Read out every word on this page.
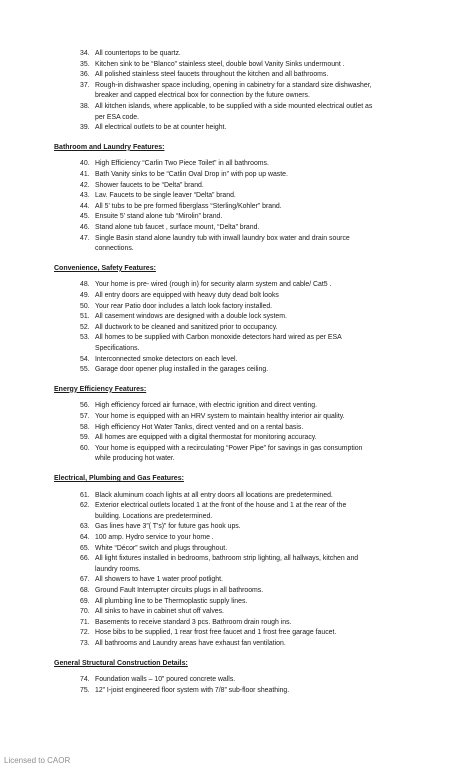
34. All countertops to be quartz.
35. Kitchen sink to be “Blanco” stainless steel, double bowl Vanity Sinks undermount .
36. All polished stainless steel faucets throughout the kitchen and all bathrooms.
37. Rough-in dishwasher space including, opening in cabinetry for a standard size dishwasher,
breaker and capped electrical box for connection by the future owners.
38. All kitchen islands, where applicable, to be supplied with a side mounted electrical outlet as
per ESA code.
39. All electrical outlets to be at counter height.
Bathroom and Laundry Features:
40. High Efficiency “Carlin Two Piece Toilet” in all bathrooms.
41. Bath Vanity sinks to be “Catlin Oval Drop in” with pop up waste.
42. Shower faucets to be “Delta” brand.
43. Lav. Faucets to be single leaver “Delta” brand.
44. All 5’ tubs to be pre formed fiberglass “Sterling/Kohler” brand.
45. Ensuite 5’ stand alone tub “Mirolin” brand.
46. Stand alone tub faucet , surface mount, “Delta” brand.
47. Single Basin stand alone laundry tub with inwall laundry box water and drain source
connections.
Convenience, Safety Features:
48. Your home is pre- wired (rough in) for security alarm system and cable/ Cat5 .
49. All entry doors are equipped with heavy duty dead bolt looks
50. Your rear Patio door includes a latch look factory installed.
51. All casement windows are designed with a double lock system.
52. All ductwork to be cleaned and sanitized prior to occupancy.
53. All homes to be supplied with Carbon monoxide detectors hard wired as per ESA
Specifications.
54. Interconnected smoke detectors on each level.
55. Garage door opener plug installed in the garages ceiling.
Energy Efficiency Features:
56. High efficiency forced air furnace, with electric ignition and direct venting.
57. Your home is equipped with an HRV system to maintain healthy interior air quality.
58. High efficiency Hot Water Tanks, direct vented and on a rental basis.
59. All homes are equipped with a digital thermostat for monitoring accuracy.
60. Your home is equipped with a recirculating “Power Pipe” for savings in gas consumption
while producing hot water.
Electrical, Plumbing and Gas Features:
61. Black aluminum coach lights at all entry doors all locations are predetermined.
62. Exterior electrical outlets located 1 at the front of the house and 1 at the rear of the
building. Locations are predetermined.
63. Gas lines have 3”( T’s)” for future gas hook ups.
64. 100 amp. Hydro service to your home .
65. White “Décor” switch and plugs throughout.
66. All light fixtures installed in bedrooms, bathroom strip lighting, all hallways, kitchen and
laundry rooms.
67. All showers to have 1 water proof potlight.
68. Ground Fault Interrupter circuits plugs in all bathrooms.
69. All plumbing line to be Thermoplastic supply lines.
70. All sinks to have in cabinet shut off valves.
71. Basements to receive standard 3 pcs. Bathroom drain rough ins.
72. Hose bibs to be supplied, 1 rear frost free faucet and 1 frost free garage faucet.
73. All bathrooms and Laundry areas have exhaust fan ventilation.
General Structural Construction Details:
74. Foundation walls – 10” poured concrete walls.
75. 12” I-joist engineered floor system with 7/8” sub-floor sheathing.
Licensed to CAOR
